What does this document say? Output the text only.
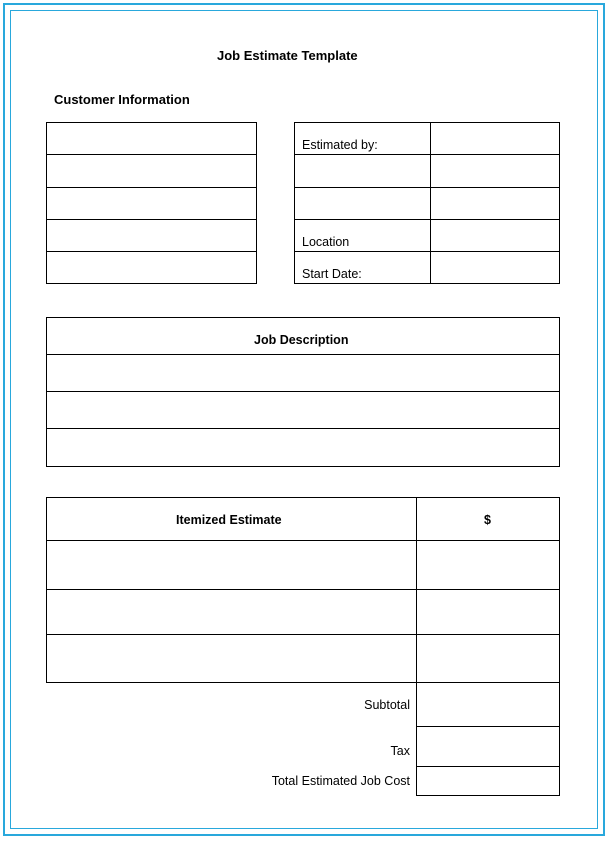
Job Estimate Template
Customer Information
Estimated by:
Location
Start Date:
Job Description
Itemized Estimate	$
Subtotal
Tax
Total Estimated Job Cost
